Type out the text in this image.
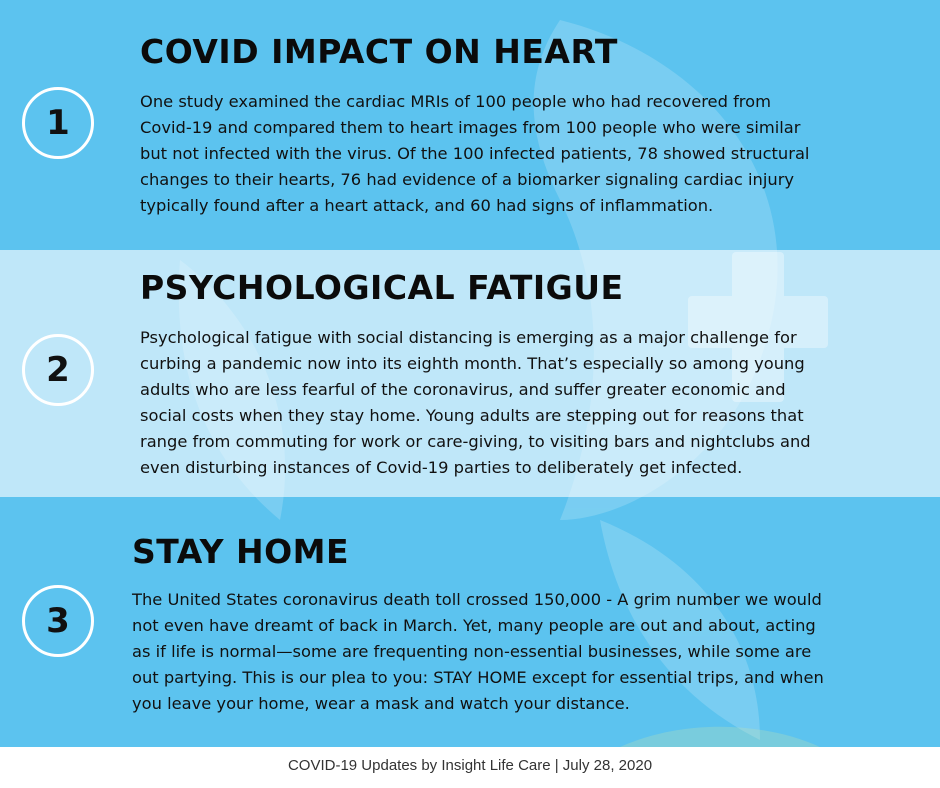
1
COVID IMPACT ON HEART
One study examined the cardiac MRIs of 100 people who had recovered from
Covid-19 and compared them to heart images from 100 people who were similar
but not infected with the virus. Of the 100 infected patients, 78 showed structural
changes to their hearts, 76 had evidence of a biomarker signaling cardiac injury
typically found after a heart attack, and 60 had signs of inflammation.
2
PSYCHOLOGICAL FATIGUE
Psychological fatigue with social distancing is emerging as a major challenge for
curbing a pandemic now into its eighth month. That’s especially so among young
adults who are less fearful of the coronavirus, and suffer greater economic and
social costs when they stay home. Young adults are stepping out for reasons that
range from commuting for work or care-giving, to visiting bars and nightclubs and
even disturbing instances of Covid-19 parties to deliberately get infected.
3
STAY HOME
The United States coronavirus death toll crossed 150,000 - A grim number we would
not even have dreamt of back in March. Yet, many people are out and about, acting
as if life is normal—some are frequenting non-essential businesses, while some are
out partying. This is our plea to you: STAY HOME except for essential trips, and when
you leave your home, wear a mask and watch your distance.
COVID-19 Updates by Insight Life Care | July 28, 2020
